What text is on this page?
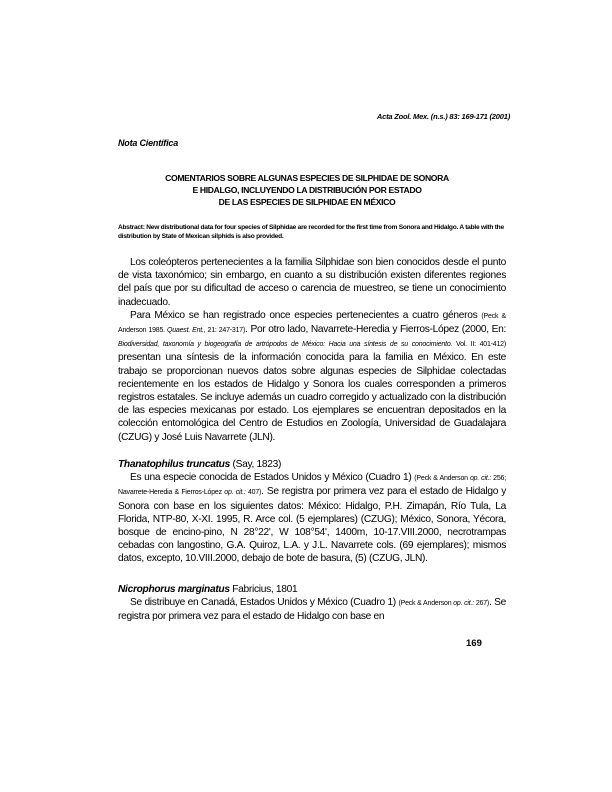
Acta Zool. Mex. (n.s.) 83: 169-171 (2001)
Nota Científica
COMENTARIOS SOBRE ALGUNAS ESPECIES DE SILPHIDAE DE SONORA
E HIDALGO, INCLUYENDO LA DISTRIBUCIÓN POR ESTADO
DE LAS ESPECIES DE SILPHIDAE EN MÉXICO
Abstract: New distributional data for four species of Silphidae are recorded for the first time from Sonora and Hidalgo. A table with the distribution by State of Mexican silphids is also provided.

Los coleópteros pertenecientes a la familia Silphidae son bien conocidos desde el punto de vista taxonómico; sin embargo, en cuanto a su distribución existen diferentes regiones del país que por su dificultad de acceso o carencia de muestreo, se tiene un conocimiento inadecuado.

Para México se han registrado once especies pertenecientes a cuatro géneros (Peck & Anderson 1985. Quaest. Ent., 21: 247-317). Por otro lado, Navarrete-Heredia y Fierros-López (2000, En: Biodiversidad, taxonomía y biogeografía de artrópodos de México: Hacia una síntesis de su conocimiento. Vol. II: 401-412) presentan una síntesis de la información conocida para la familia en México. En este trabajo se proporcionan nuevos datos sobre algunas especies de Silphidae colectadas recientemente en los estados de Hidalgo y Sonora los cuales corresponden a primeros registros estatales. Se incluye además un cuadro corregido y actualizado con la distribución de las especies mexicanas por estado. Los ejemplares se encuentran depositados en la colección entomológica del Centro de Estudios en Zoología, Universidad de Guadalajara (CZUG) y José Luis Navarrete (JLN).

Thanatophilus truncatus (Say, 1823)

Es una especie conocida de Estados Unidos y México (Cuadro 1) (Peck & Anderson op. cit.: 256; Navarrete-Heredia & Fierros-López op. cit.: 407). Se registra por primera vez para el estado de Hidalgo y Sonora con base en los siguientes datos: México: Hidalgo, P.H. Zimapán, Río Tula, La Florida, NTP-80, X-XI. 1995, R. Arce col. (5 ejemplares) (CZUG); México, Sonora, Yécora, bosque de encino-pino, N 28°22', W 108°54', 1400m, 10-17.VIII.2000, necrotrampas cebadas con langostino, G.A. Quiroz, L.A. y J.L. Navarrete cols. (69 ejemplares); mismos datos, excepto, 10.VIII.2000, debajo de bote de basura, (5) (CZUG, JLN).

Nicrophorus marginatus Fabricius, 1801

Se distribuye en Canadá, Estados Unidos y México (Cuadro 1) (Peck & Anderson op. cit.: 267). Se registra por primera vez para el estado de Hidalgo con base en

169
